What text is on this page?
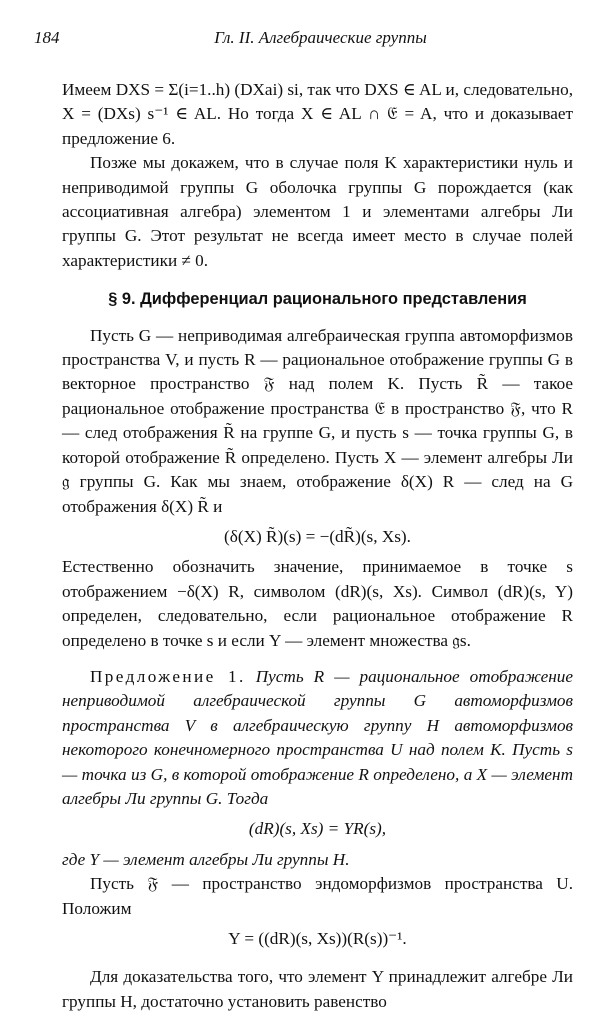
184	Гл. II. Алгебраические группы

Имеем DXS = Σ(i=1..h) (DXai) si, так что DXS ∈ AL и, следовательно, X = (DXs) s⁻¹ ∈ AL. Но тогда X ∈ AL ∩ 𝔈 = A, что и доказывает предложение 6.

Позже мы докажем, что в случае поля K характеристики нуль и неприводимой группы G оболочка группы G порождается (как ассоциативная алгебра) элементом 1 и элементами алгебры Ли группы G. Этот результат не всегда имеет место в случае полей характеристики ≠ 0.

§ 9. Дифференциал рационального представления

Пусть G — неприводимая алгебраическая группа автоморфизмов пространства V, и пусть R — рациональное отображение группы G в векторное пространство 𝔉 над полем K. Пусть R̃ — такое рациональное отображение пространства 𝔈 в пространство 𝔉, что R — след отображения R̃ на группе G, и пусть s — точка группы G, в которой отображение R̃ определено. Пусть X — элемент алгебры Ли 𝔤 группы G. Как мы знаем, отображение δ(X) R — след на G отображения δ(X) R̃ и

(δ(X) R̃)(s) = −(dR̃)(s, Xs).

Естественно обозначить значение, принимаемое в точке s отображением −δ(X) R, символом (dR)(s, Xs). Символ (dR)(s, Y) определен, следовательно, если рациональное отображение R определено в точке s и если Y — элемент множества 𝔤s.

Предложение 1. Пусть R — рациональное отображение неприводимой алгебраической группы G автоморфизмов пространства V в алгебраическую группу H автоморфизмов некоторого конечномерного пространства U над полем K. Пусть s — точка из G, в которой отображение R определено, а X — элемент алгебры Ли группы G. Тогда

(dR)(s, Xs) = YR(s),

где Y — элемент алгебры Ли группы H.

Пусть 𝔉 — пространство эндоморфизмов пространства U. Положим

Y = ((dR)(s, Xs))(R(s))⁻¹.

Для доказательства того, что элемент Y принадлежит алгебре Ли группы H, достаточно установить равенство
